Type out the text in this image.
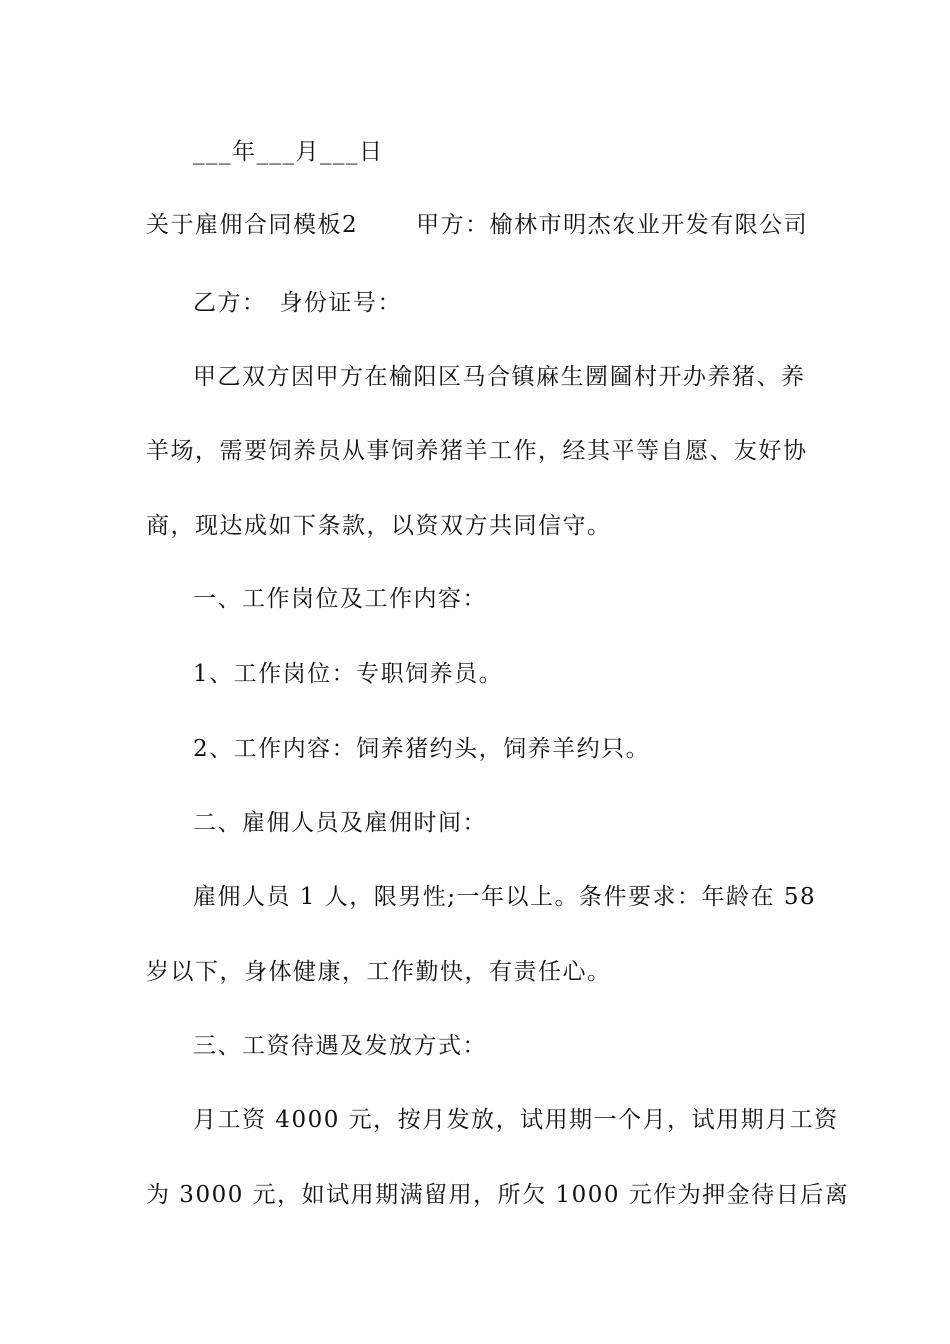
___年___月___日
关于雇佣合同模板2	甲方：榆林市明杰农业开发有限公司
乙方：　身份证号：
甲乙双方因甲方在榆阳区马合镇麻生圐圙村开办养猪、养
羊场，需要饲养员从事饲养猪羊工作，经其平等自愿、友好协
商，现达成如下条款，以资双方共同信守。
一、工作岗位及工作内容：
1、工作岗位：专职饲养员。
2、工作内容：饲养猪约头，饲养羊约只。
二、雇佣人员及雇佣时间：
雇佣人员 1 人，限男性;一年以上。条件要求：年龄在 58
岁以下，身体健康，工作勤快，有责任心。
三、工资待遇及发放方式：
月工资 4000 元，按月发放，试用期一个月，试用期月工资
为 3000 元，如试用期满留用，所欠 1000 元作为押金待日后离
